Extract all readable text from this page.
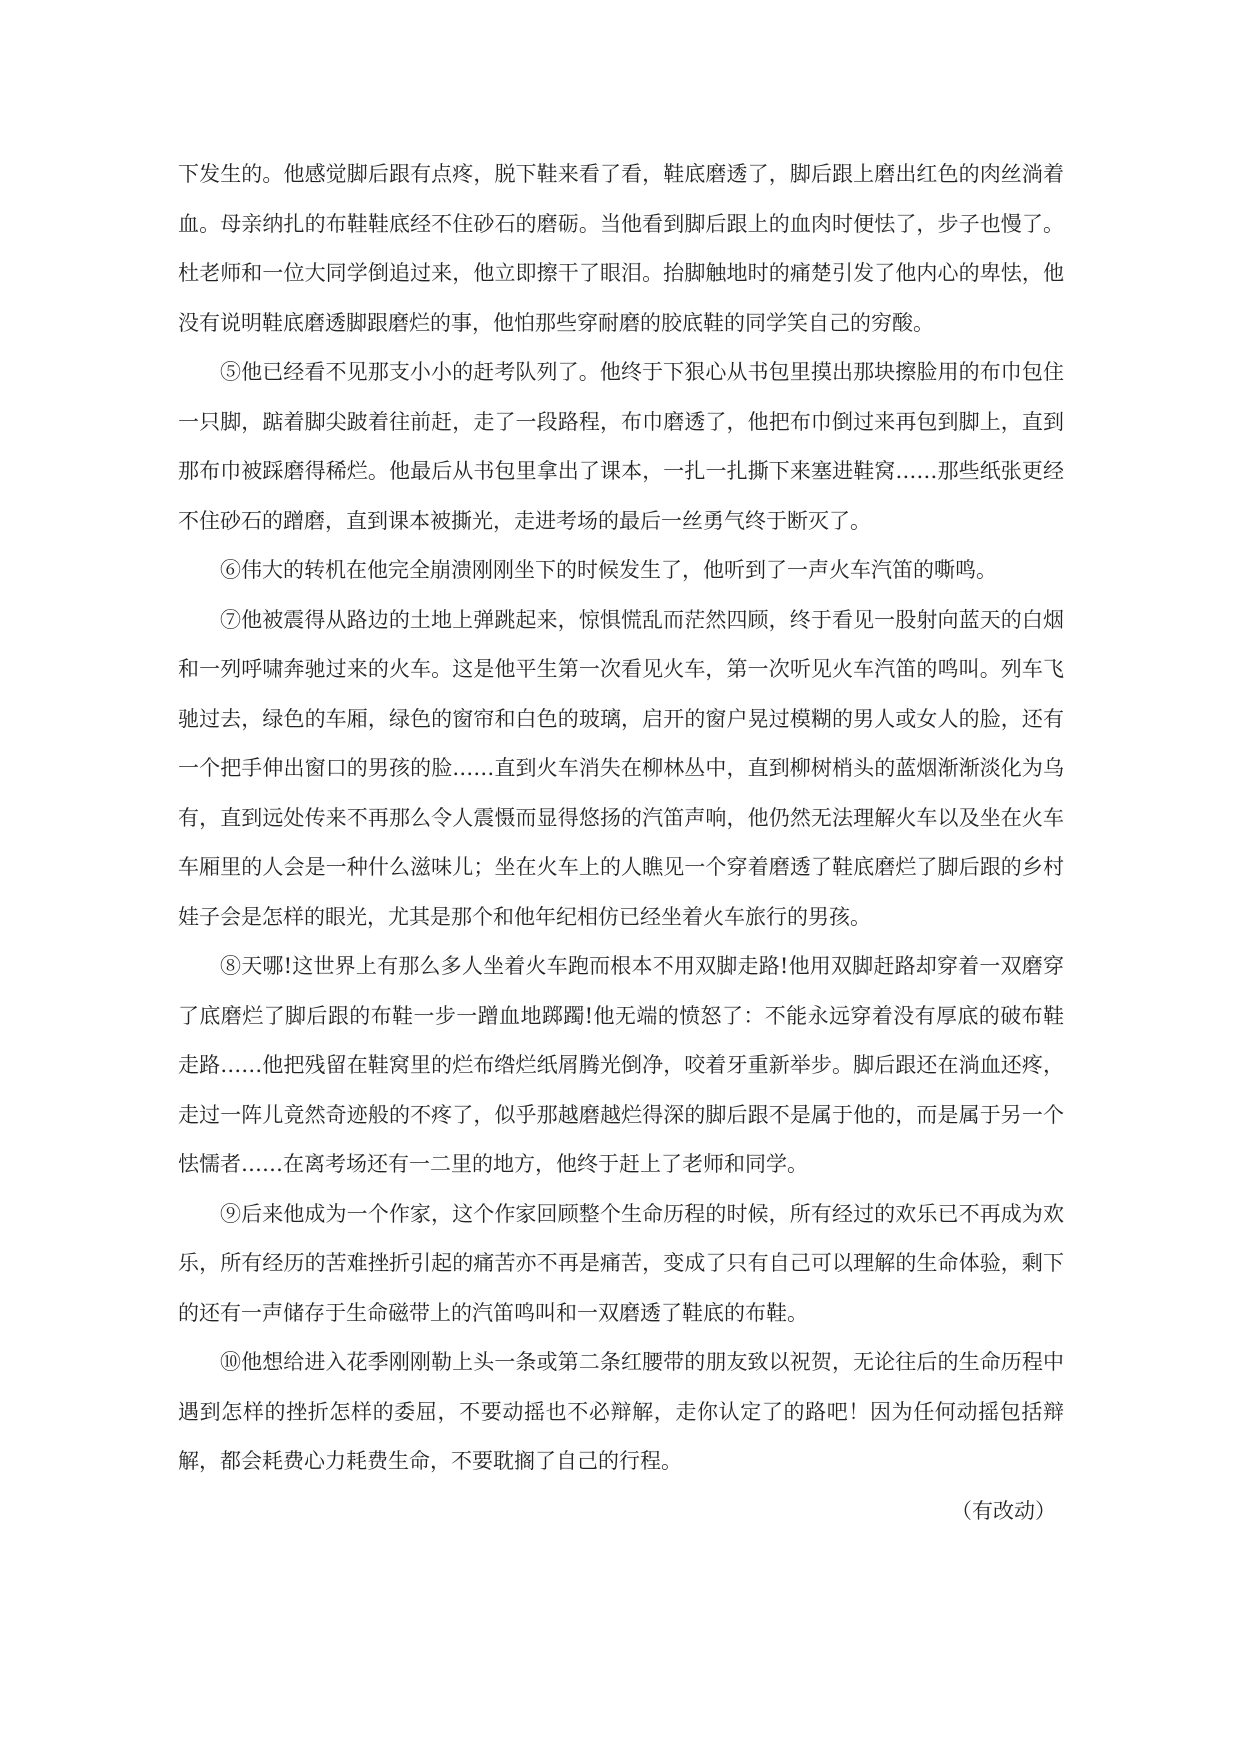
下发生的。他感觉脚后跟有点疼，脱下鞋来看了看，鞋底磨透了，脚后跟上磨出红色的肉丝淌着血。母亲纳扎的布鞋鞋底经不住砂石的磨砺。当他看到脚后跟上的血肉时便怯了，步子也慢了。杜老师和一位大同学倒追过来，他立即擦干了眼泪。抬脚触地时的痛楚引发了他内心的卑怯，他没有说明鞋底磨透脚跟磨烂的事，他怕那些穿耐磨的胶底鞋的同学笑自己的穷酸。

⑤他已经看不见那支小小的赶考队列了。他终于下狠心从书包里摸出那块擦脸用的布巾包住一只脚，踮着脚尖跛着往前赶，走了一段路程，布巾磨透了，他把布巾倒过来再包到脚上，直到那布巾被踩磨得稀烂。他最后从书包里拿出了课本，一扎一扎撕下来塞进鞋窝……那些纸张更经不住砂石的蹭磨，直到课本被撕光，走进考场的最后一丝勇气终于断灭了。

⑥伟大的转机在他完全崩溃刚刚坐下的时候发生了，他听到了一声火车汽笛的嘶鸣。

⑦他被震得从路边的土地上弹跳起来，惊惧慌乱而茫然四顾，终于看见一股射向蓝天的白烟和一列呼啸奔驰过来的火车。这是他平生第一次看见火车，第一次听见火车汽笛的鸣叫。列车飞驰过去，绿色的车厢，绿色的窗帘和白色的玻璃，启开的窗户晃过模糊的男人或女人的脸，还有一个把手伸出窗口的男孩的脸……直到火车消失在柳林丛中，直到柳树梢头的蓝烟渐渐淡化为乌有，直到远处传来不再那么令人震慑而显得悠扬的汽笛声响，他仍然无法理解火车以及坐在火车车厢里的人会是一种什么滋味儿；坐在火车上的人瞧见一个穿着磨透了鞋底磨烂了脚后跟的乡村娃子会是怎样的眼光，尤其是那个和他年纪相仿已经坐着火车旅行的男孩。

⑧天哪!这世界上有那么多人坐着火车跑而根本不用双脚走路!他用双脚赶路却穿着一双磨穿了底磨烂了脚后跟的布鞋一步一蹭血地踯躅!他无端的愤怒了：不能永远穿着没有厚底的破布鞋走路……他把残留在鞋窝里的烂布绺烂纸屑腾光倒净，咬着牙重新举步。脚后跟还在淌血还疼，走过一阵儿竟然奇迹般的不疼了，似乎那越磨越烂得深的脚后跟不是属于他的，而是属于另一个怯懦者……在离考场还有一二里的地方，他终于赶上了老师和同学。

⑨后来他成为一个作家，这个作家回顾整个生命历程的时候，所有经过的欢乐已不再成为欢乐，所有经历的苦难挫折引起的痛苦亦不再是痛苦，变成了只有自己可以理解的生命体验，剩下的还有一声储存于生命磁带上的汽笛鸣叫和一双磨透了鞋底的布鞋。

⑩他想给进入花季刚刚勒上头一条或第二条红腰带的朋友致以祝贺，无论往后的生命历程中遇到怎样的挫折怎样的委屈，不要动摇也不必辩解，走你认定了的路吧！因为任何动摇包括辩解，都会耗费心力耗费生命，不要耽搁了自己的行程。

（有改动）
